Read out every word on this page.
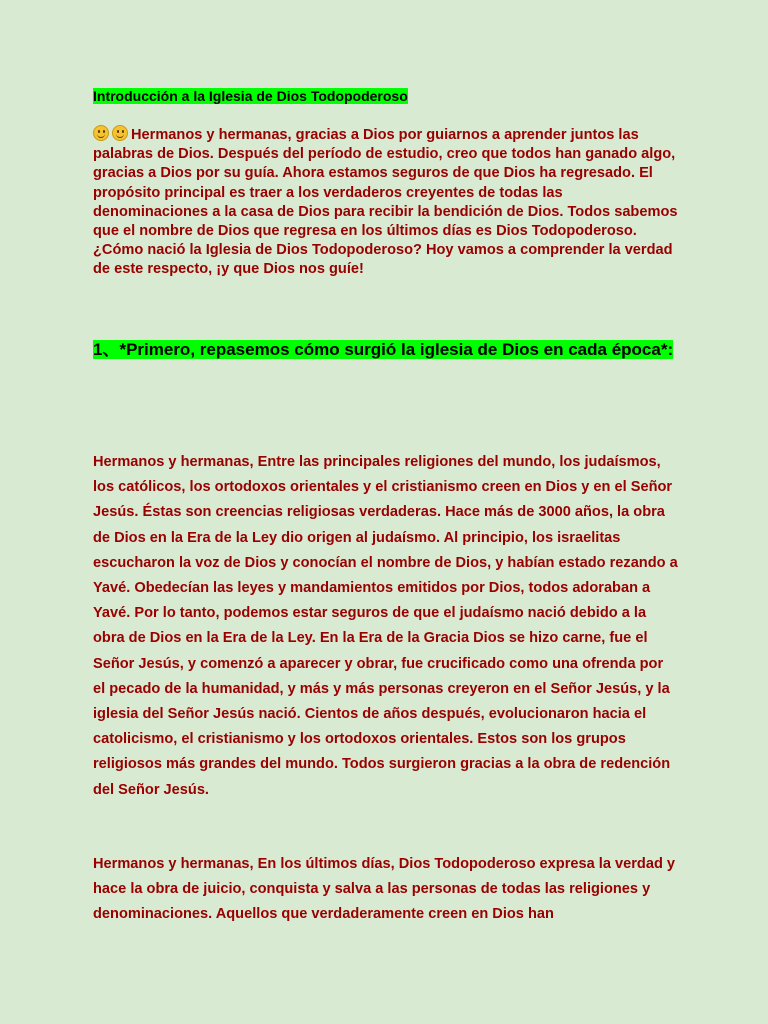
Introducción a la Iglesia de Dios Todopoderoso
Hermanos y hermanas, gracias a Dios por guiarnos a aprender juntos las palabras de Dios. Después del período de estudio, creo que todos han ganado algo, gracias a Dios por su guía. Ahora estamos seguros de que Dios ha regresado. El propósito principal es traer a los verdaderos creyentes de todas las denominaciones a la casa de Dios para recibir la bendición de Dios. Todos sabemos que el nombre de Dios que regresa en los últimos días es Dios Todopoderoso. ¿Cómo nació la Iglesia de Dios Todopoderoso? Hoy vamos a comprender la verdad de este respecto, ¡y que Dios nos guíe!
1、*Primero, repasemos cómo surgió la iglesia de Dios en cada época*:
Hermanos y hermanas, Entre las principales religiones del mundo, los judaísmos, los católicos, los ortodoxos orientales y el cristianismo creen en Dios y en el Señor Jesús. Éstas son creencias religiosas verdaderas. Hace más de 3000 años, la obra de Dios en la Era de la Ley dio origen al judaísmo. Al principio, los israelitas escucharon la voz de Dios y conocían el nombre de Dios, y habían estado rezando a Yavé. Obedecían las leyes y mandamientos emitidos por Dios, todos adoraban a Yavé. Por lo tanto, podemos estar seguros de que el judaísmo nació debido a la obra de Dios en la Era de la Ley. En la Era de la Gracia Dios se hizo carne, fue el Señor Jesús, y comenzó a aparecer y obrar, fue crucificado como una ofrenda por el pecado de la humanidad, y más y más personas creyeron en el Señor Jesús, y la iglesia del Señor Jesús nació. Cientos de años después, evolucionaron hacia el catolicismo, el cristianismo y los ortodoxos orientales. Estos son los grupos religiosos más grandes del mundo. Todos surgieron gracias a la obra de redención del Señor Jesús.
Hermanos y hermanas, En los últimos días, Dios Todopoderoso expresa la verdad y hace la obra de juicio, conquista y salva a las personas de todas las religiones y denominaciones. Aquellos que verdaderamente creen en Dios han
